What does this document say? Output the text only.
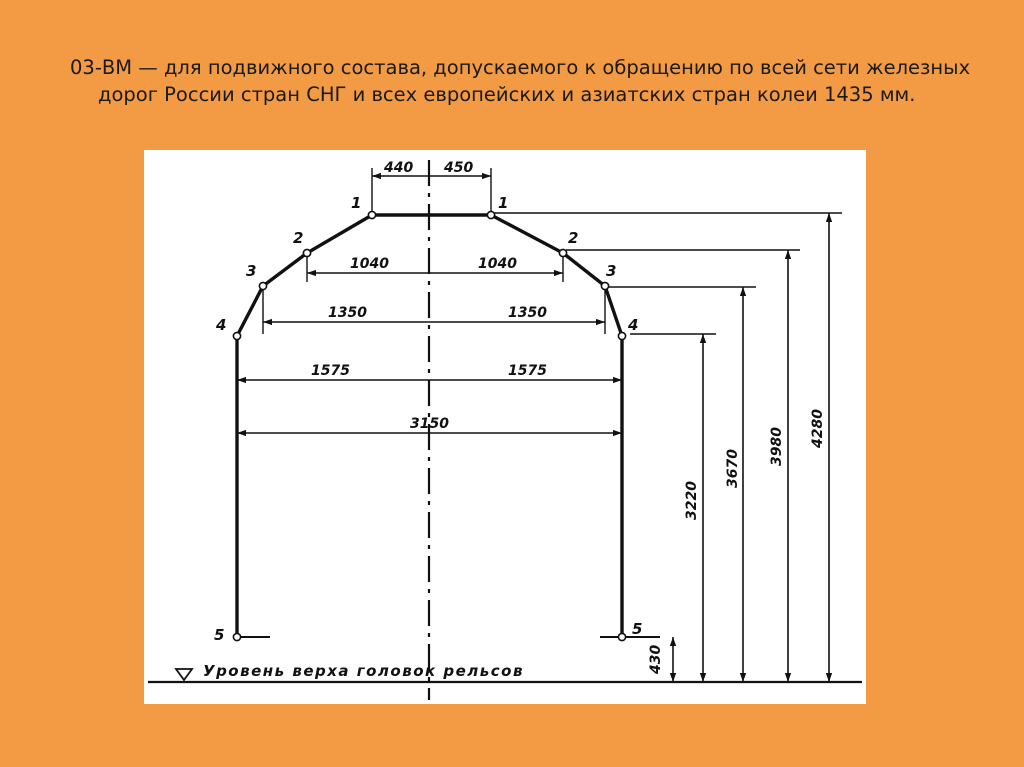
03-ВМ — для подвижного состава, допускаемого к обращению по всей сети железных дорог России стран СНГ и всех европейских и азиатских стран колеи 1435 мм.

1	1
2	2
3	3
4	4
5	5
440 450
1040	1040
1350	1350
1575	1575
3150
430
3220
3670
3980 4280
Уровень верха головок рельсов
